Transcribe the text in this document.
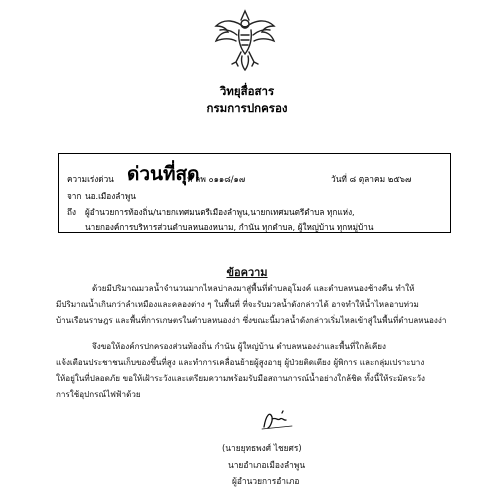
วิทยุสื่อสาร
กรมการปกครอง
ความเร่งด่วน ด่วนที่สุด
ที่ ลพ ๐๑๑๘/๑๗	วันที่ ๘ ตุลาคม ๒๕๖๗
จาก นอ.เมืองลำพูน
ถึง ผู้อำนวยการท้องถิ่น/นายกเทศมนตรีเมืองลำพูน,นายกเทศมนตรีตำบล ทุกแห่ง,
นายกองค์การบริหารส่วนตำบลหนองหนาม, กำนัน ทุกตำบล, ผู้ใหญ่บ้าน ทุกหมู่บ้าน
ข้อความ
ด้วยมีปริมาณมวลน้ำจำนวนมากไหลบ่าลงมาสู่พื้นที่ตำบลอุโมงค์ และตำบลหนองช้างคืน ทำให้
มีปริมาณน้ำเกินกว่าลำเหมืองและคลองต่าง ๆ ในพื้นที่ ที่จะรับมวลน้ำดังกล่าวได้ อาจทำให้น้ำไหลอาบท่วม
บ้านเรือนราษฎร และพื้นที่การเกษตรในตำบลหนองง่า ซึ่งขณะนี้มวลน้ำดังกล่าวเริ่มไหลเข้าสู่ในพื้นที่ตำบลหนองง่า
จึงขอให้องค์กรปกครองส่วนท้องถิ่น กำนัน ผู้ใหญ่บ้าน ตำบลหนองง่าและพื้นที่ใกล้เคียง
แจ้งเตือนประชาชนเก็บของขึ้นที่สูง และทำการเคลื่อนย้ายผู้สูงอายุ ผู้ป่วยติดเตียง ผู้พิการ และกลุ่มเปราะบาง
ให้อยู่ในที่ปลอดภัย ขอให้เฝ้าระวังและเตรียมความพร้อมรับมือสถานการณ์น้ำอย่างใกล้ชิด ทั้งนี้ให้ระมัดระวัง
การใช้อุปกรณ์ไฟฟ้าด้วย
(นายยุทธพงศ์ ไชยศร)
นายอำเภอเมืองลำพูน
ผู้อำนวยการอำเภอ
